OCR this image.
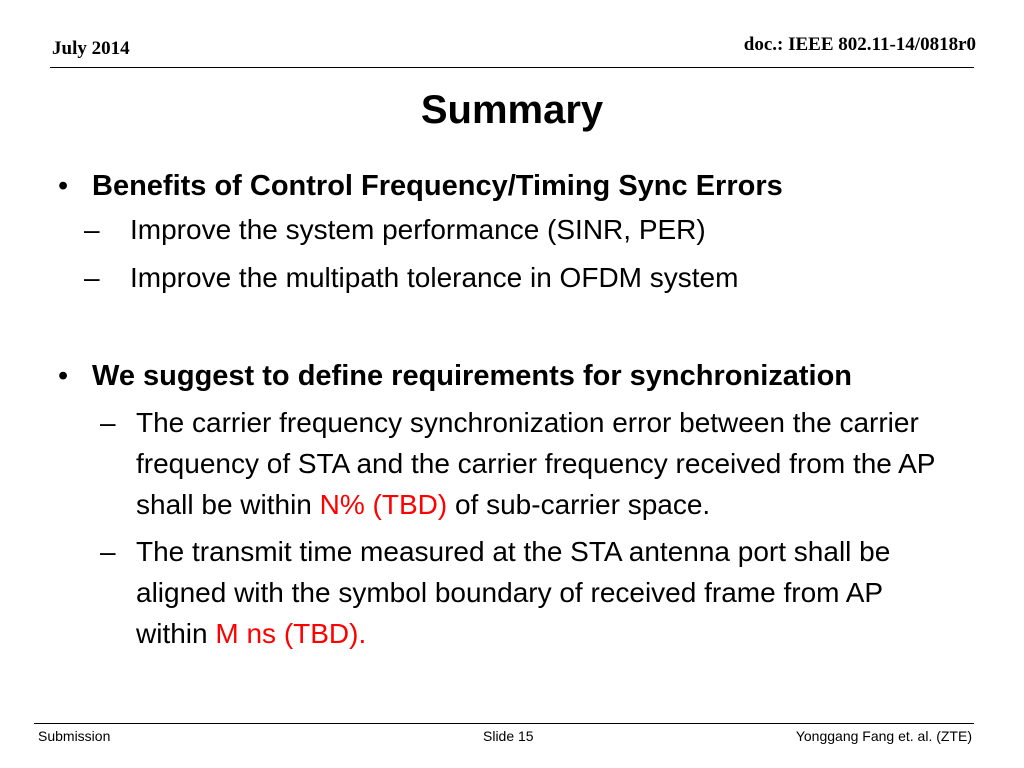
July 2014	doc.: IEEE 802.11-14/0818r0
Summary
• Benefits of Control Frequency/Timing Sync Errors
– Improve the system performance (SINR, PER)
– Improve the multipath tolerance in OFDM system
• We suggest to define requirements for synchronization
– The carrier frequency synchronization error between the carrier frequency of STA and the carrier frequency received from the AP shall be within N% (TBD) of sub-carrier space.
– The transmit time measured at the STA antenna port shall be aligned with the symbol boundary of received frame from AP within M ns (TBD).
Submission	Slide 15	Yonggang Fang et. al. (ZTE)
